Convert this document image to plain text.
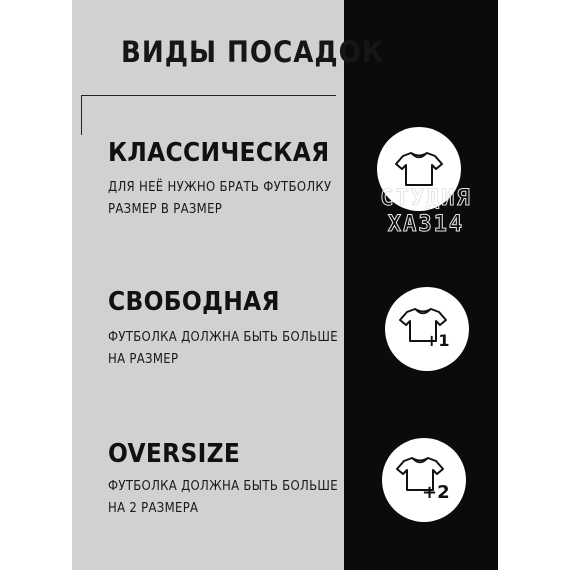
ВИДЫ ПОСАДОК
КЛАССИЧЕСКАЯ
ДЛЯ НЕЁ НУЖНО БРАТЬ ФУТБОЛКУ
РАЗМЕР В РАЗМЕР
СВОБОДНАЯ
ФУТБОЛКА ДОЛЖНА БЫТЬ БОЛЬШЕ
НА РАЗМЕР
OVERSIZE
ФУТБОЛКА ДОЛЖНА БЫТЬ БОЛЬШЕ
НА 2 РАЗМЕРА
+1
+2
СТУДИЯ
ХАЗ14
